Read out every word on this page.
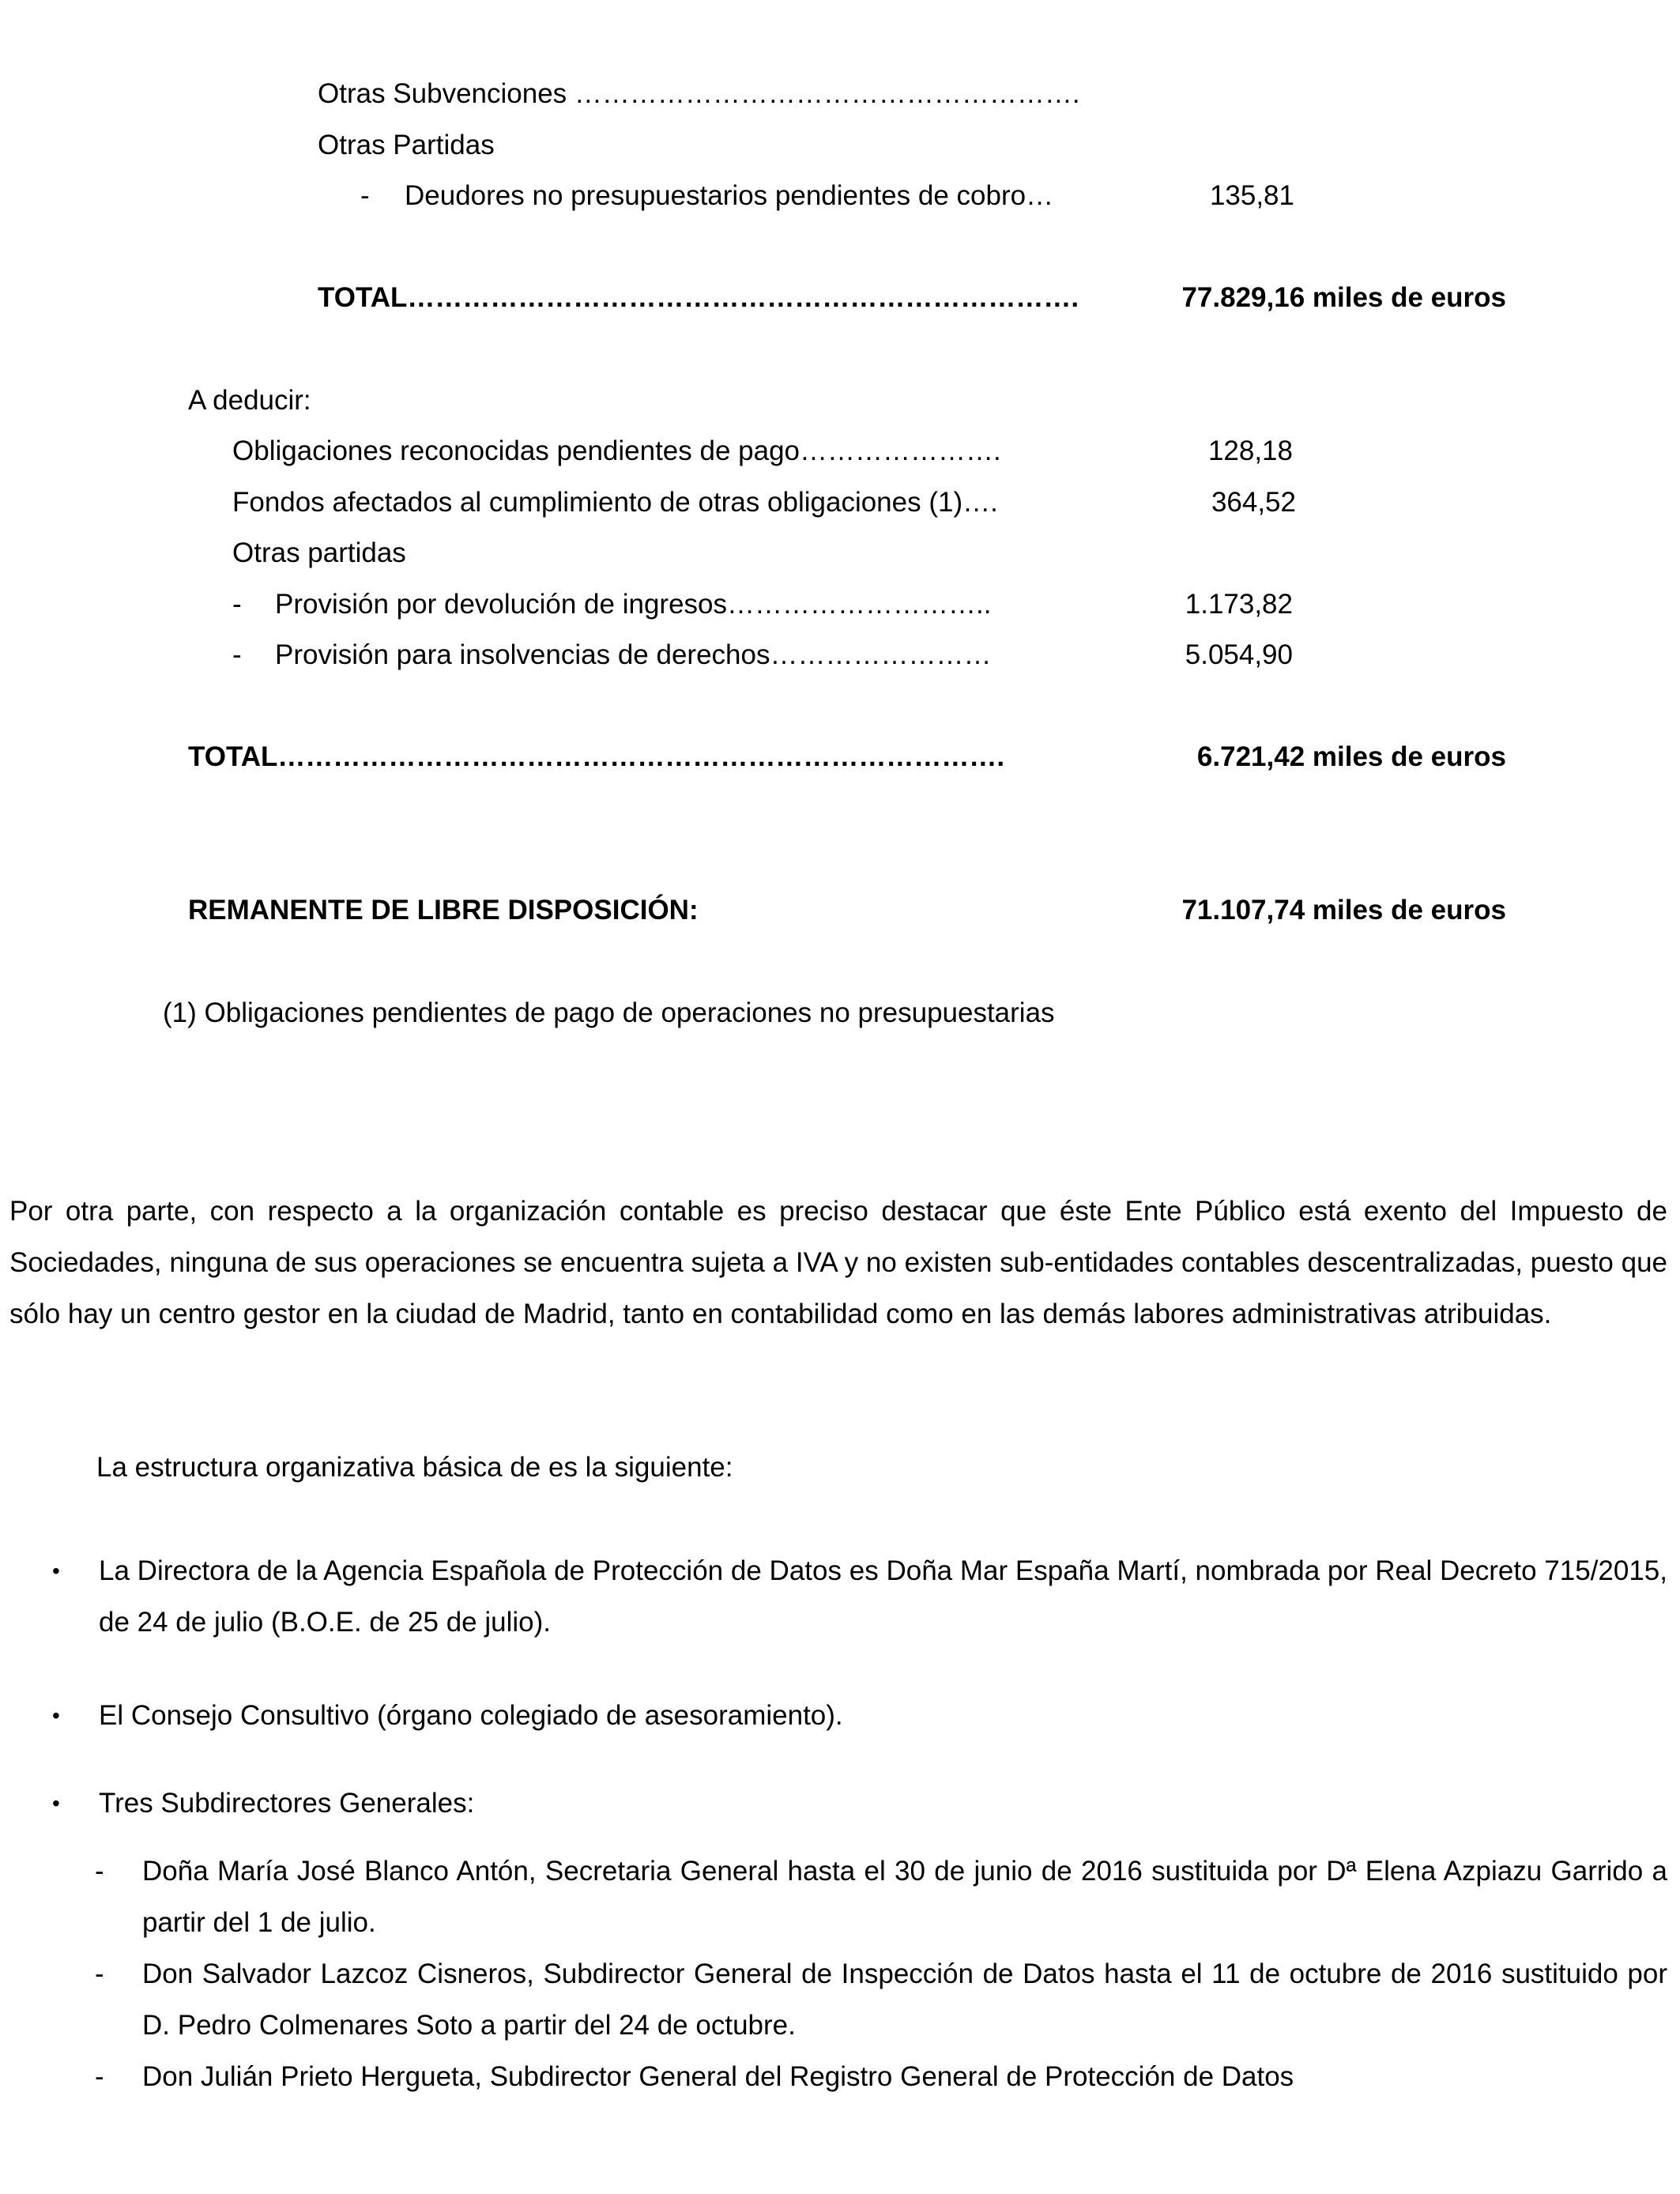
Otras Subvenciones ……………………………………………….
Otras Partidas
- Deudores no presupuestarios pendientes de cobro…	135,81
TOTAL……………………………………………………………….	77.829,16 miles de euros
A deducir:
Obligaciones reconocidas pendientes de pago………………….	128,18
Fondos afectados al cumplimiento de otras obligaciones (1)….	364,52
Otras partidas
- Provisión por devolución de ingresos………………………..	1.173,82
- Provisión para insolvencias de derechos……………………	5.054,90
TOTAL…………………………………………………………………….	6.721,42 miles de euros
REMANENTE DE LIBRE DISPOSICIÓN:	71.107,74 miles de euros
(1) Obligaciones pendientes de pago de operaciones no presupuestarias
Por otra parte, con respecto a la organización contable es preciso destacar que éste Ente Público está exento del Impuesto de Sociedades, ninguna de sus operaciones se encuentra sujeta a IVA y no existen sub-entidades contables descentralizadas, puesto que sólo hay un centro gestor en la ciudad de Madrid, tanto en contabilidad como en las demás labores administrativas atribuidas.
La estructura organizativa básica de es la siguiente:
• La Directora de la Agencia Española de Protección de Datos es Doña Mar España Martí, nombrada por Real Decreto 715/2015, de 24 de julio (B.O.E. de 25 de julio).
• El Consejo Consultivo (órgano colegiado de asesoramiento).
• Tres Subdirectores Generales:
- Doña María José Blanco Antón, Secretaria General hasta el 30 de junio de 2016 sustituida por Dª Elena Azpiazu Garrido a partir del 1 de julio.
- Don Salvador Lazcoz Cisneros, Subdirector General de Inspección de Datos hasta el 11 de octubre de 2016 sustituido por D. Pedro Colmenares Soto a partir del 24 de octubre.
- Don Julián Prieto Hergueta, Subdirector General del Registro General de Protección de Datos
